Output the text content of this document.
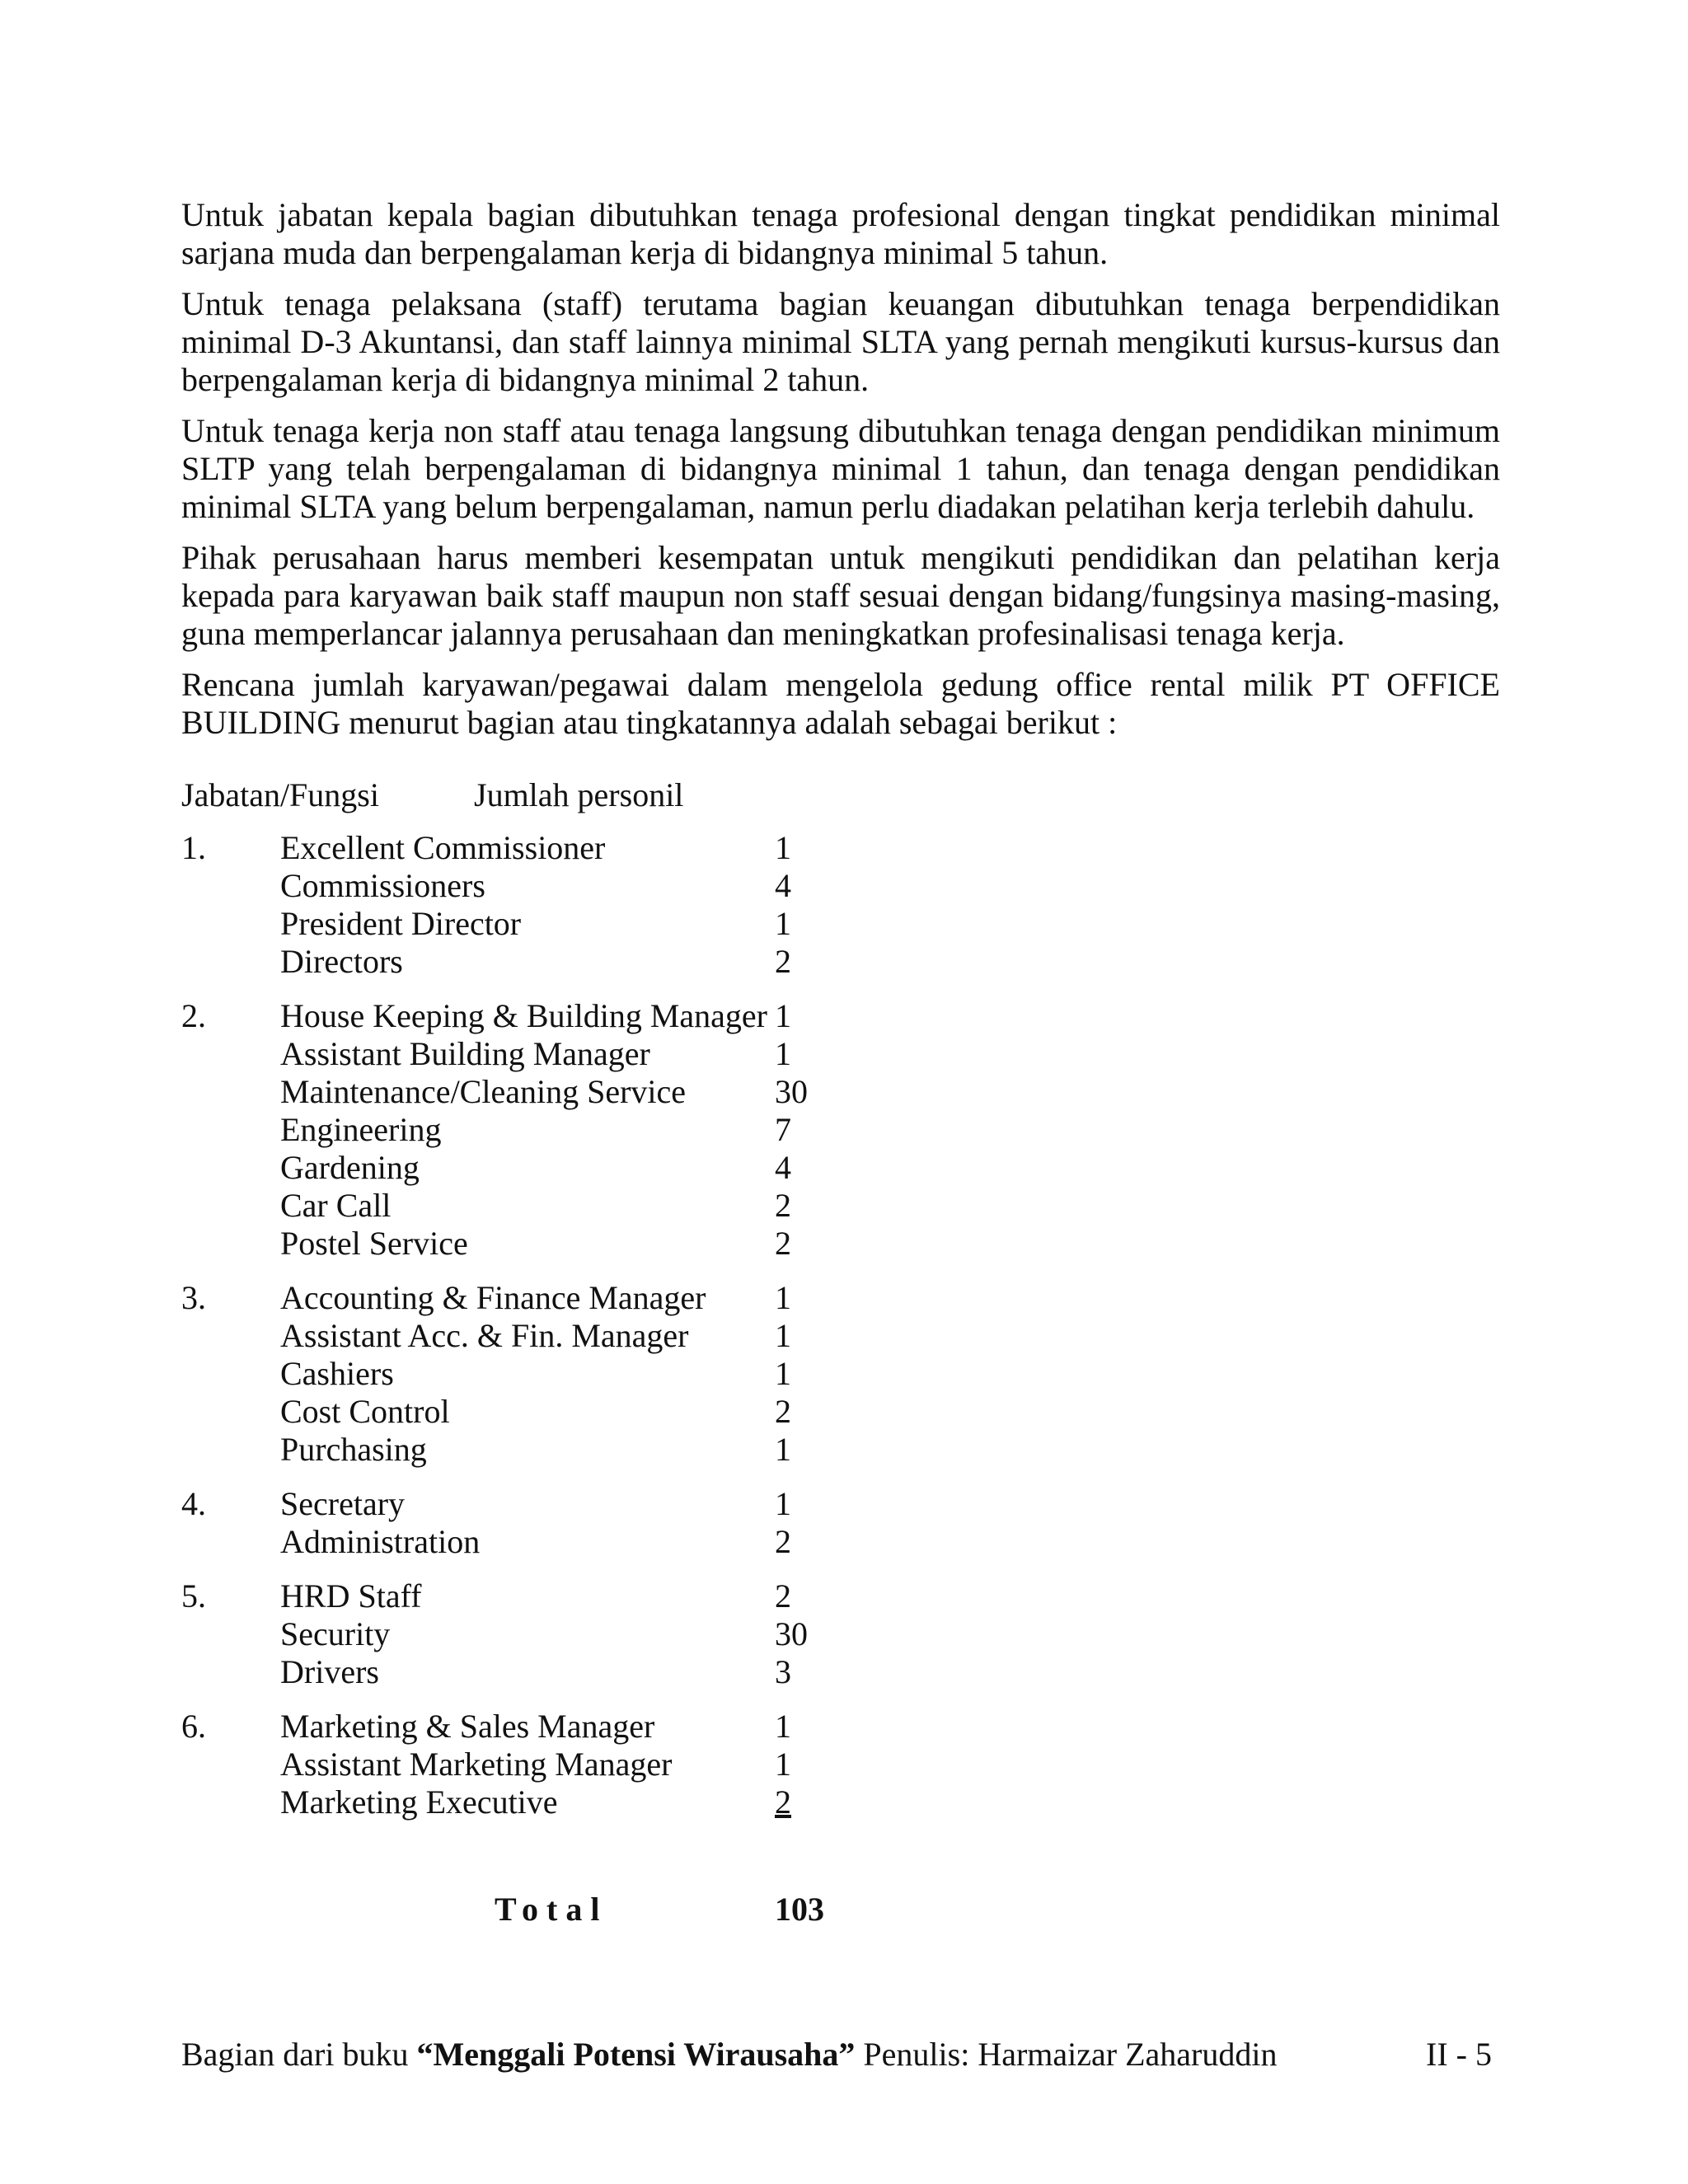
Untuk jabatan kepala bagian dibutuhkan tenaga profesional dengan tingkat pendidikan minimal sarjana muda dan berpengalaman kerja di bidangnya minimal 5 tahun.

Untuk tenaga pelaksana (staff) terutama bagian keuangan dibutuhkan tenaga berpendidikan minimal D-3 Akuntansi, dan staff lainnya minimal SLTA yang pernah mengikuti kursus-kursus dan berpengalaman kerja di bidangnya minimal 2 tahun.

Untuk tenaga kerja non staff atau tenaga langsung dibutuhkan tenaga dengan pendidikan minimum SLTP yang telah berpengalaman di bidangnya minimal 1 tahun, dan tenaga dengan pendidikan minimal SLTA yang belum berpengalaman, namun perlu diadakan pelatihan kerja terlebih dahulu.

Pihak perusahaan harus memberi kesempatan untuk mengikuti pendidikan dan pelatihan kerja kepada para karyawan baik staff maupun non staff sesuai dengan bidang/fungsinya masing-masing, guna memperlancar jalannya perusahaan dan meningkatkan profesinalisasi tenaga kerja.

Rencana jumlah karyawan/pegawai dalam mengelola gedung office rental milik PT OFFICE BUILDING menurut bagian atau tingkatannya adalah sebagai berikut :

Jabatan/Fungsi	Jumlah personil
1. Excellent Commissioner	1
Commissioners	4
President Director	1
Directors	2
2. House Keeping & Building Manager 1
Assistant Building Manager	1
Maintenance/Cleaning Service	30
Engineering	7
Gardening	4
Car Call	2
Postel Service	2
3. Accounting & Finance Manager 1
Assistant Acc. & Fin. Manager	1
Cashiers	1
Cost Control	2
Purchasing	1
4. Secretary	1
Administration	2
5. HRD Staff	2
Security	30
Drivers	3
6. Marketing & Sales Manager	1
Assistant Marketing Manager	1
Marketing Executive	2
Total	103
Bagian dari buku “Menggali Potensi Wirausaha” Penulis: Harmaizar Zaharuddin	II - 5
